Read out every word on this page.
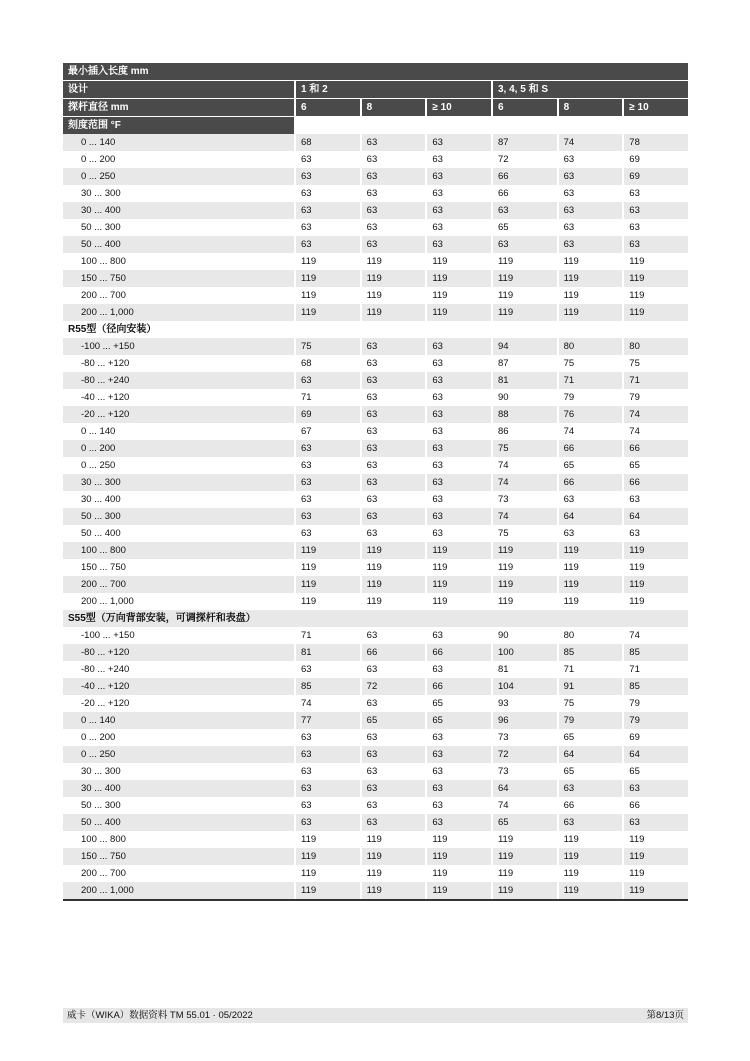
最小插入长度 mm
设计	1 和 2	3, 4, 5 和 S
探杆直径 mm	6	8	≥ 10	6	8	≥ 10
刻度范围 °F
0 ... 140	68	63	63	87	74	78
0 ... 200	63	63	63	72	63	69
0 ... 250	63	63	63	66	63	69
30 ... 300	63	63	63	66	63	63
30 ... 400	63	63	63	63	63	63
50 ... 300	63	63	63	65	63	63
50 ... 400	63	63	63	63	63	63
100 ... 800	119	119	119	119	119	119
150 ... 750	119	119	119	119	119	119
200 ... 700	119	119	119	119	119	119
200 ... 1,000	119	119	119	119	119	119
R55型（径向安装）
-100 ... +150	75	63	63	94	80	80
-80 ... +120	68	63	63	87	75	75
-80 ... +240	63	63	63	81	71	71
-40 ... +120	71	63	63	90	79	79
-20 ... +120	69	63	63	88	76	74
0 ... 140	67	63	63	86	74	74
0 ... 200	63	63	63	75	66	66
0 ... 250	63	63	63	74	65	65
30 ... 300	63	63	63	74	66	66
30 ... 400	63	63	63	73	63	63
50 ... 300	63	63	63	74	64	64
50 ... 400	63	63	63	75	63	63
100 ... 800	119	119	119	119	119	119
150 ... 750	119	119	119	119	119	119
200 ... 700	119	119	119	119	119	119
200 ... 1,000	119	119	119	119	119	119
S55型（万向背部安装，可调探杆和表盘）
-100 ... +150	71	63	63	90	80	74
-80 ... +120	81	66	66	100	85	85
-80 ... +240	63	63	63	81	71	71
-40 ... +120	85	72	66	104	91	85
-20 ... +120	74	63	65	93	75	79
0 ... 140	77	65	65	96	79	79
0 ... 200	63	63	63	73	65	69
0 ... 250	63	63	63	72	64	64
30 ... 300	63	63	63	73	65	65
30 ... 400	63	63	63	64	63	63
50 ... 300	63	63	63	74	66	66
50 ... 400	63	63	63	65	63	63
100 ... 800	119	119	119	119	119	119
150 ... 750	119	119	119	119	119	119
200 ... 700	119	119	119	119	119	119
200 ... 1,000	119	119	119	119	119	119
威卡（WIKA）数据资料 TM 55.01 · 05/2022	第8/13页
